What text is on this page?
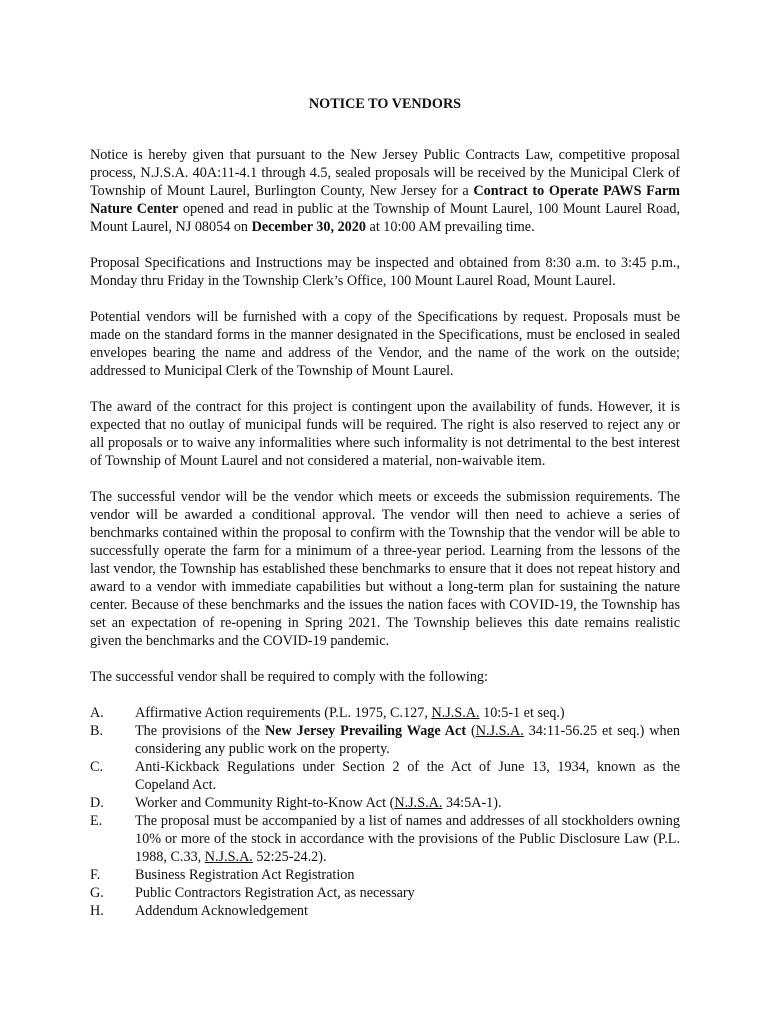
NOTICE TO VENDORS

Notice is hereby given that pursuant to the New Jersey Public Contracts Law, competitive proposal process, N.J.S.A. 40A:11-4.1 through 4.5, sealed proposals will be received by the Municipal Clerk of Township of Mount Laurel, Burlington County, New Jersey for a Contract to Operate PAWS Farm Nature Center opened and read in public at the Township of Mount Laurel, 100 Mount Laurel Road, Mount Laurel, NJ 08054 on December 30, 2020 at 10:00 AM prevailing time.

Proposal Specifications and Instructions may be inspected and obtained from 8:30 a.m. to 3:45 p.m., Monday thru Friday in the Township Clerk’s Office, 100 Mount Laurel Road, Mount Laurel.

Potential vendors will be furnished with a copy of the Specifications by request. Proposals must be made on the standard forms in the manner designated in the Specifications, must be enclosed in sealed envelopes bearing the name and address of the Vendor, and the name of the work on the outside; addressed to Municipal Clerk of the Township of Mount Laurel.

The award of the contract for this project is contingent upon the availability of funds. However, it is expected that no outlay of municipal funds will be required. The right is also reserved to reject any or all proposals or to waive any informalities where such informality is not detrimental to the best interest of Township of Mount Laurel and not considered a material, non-waivable item.

The successful vendor will be the vendor which meets or exceeds the submission requirements. The vendor will be awarded a conditional approval. The vendor will then need to achieve a series of benchmarks contained within the proposal to confirm with the Township that the vendor will be able to successfully operate the farm for a minimum of a three-year period. Learning from the lessons of the last vendor, the Township has established these benchmarks to ensure that it does not repeat history and award to a vendor with immediate capabilities but without a long-term plan for sustaining the nature center. Because of these benchmarks and the issues the nation faces with COVID-19, the Township has set an expectation of re-opening in Spring 2021. The Township believes this date remains realistic given the benchmarks and the COVID-19 pandemic.

The successful vendor shall be required to comply with the following:

A.	Affirmative Action requirements (P.L. 1975, C.127, N.J.S.A. 10:5-1 et seq.)
B.	The provisions of the New Jersey Prevailing Wage Act (N.J.S.A. 34:11-56.25 et seq.) when considering any public work on the property.
C.	Anti-Kickback Regulations under Section 2 of the Act of June 13, 1934, known as the Copeland Act.
D.	Worker and Community Right-to-Know Act (N.J.S.A. 34:5A-1).
E.	The proposal must be accompanied by a list of names and addresses of all stockholders owning 10% or more of the stock in accordance with the provisions of the Public Disclosure Law (P.L. 1988, C.33, N.J.S.A. 52:25-24.2).
F.	Business Registration Act Registration
G.	Public Contractors Registration Act, as necessary
H.	Addendum Acknowledgement
